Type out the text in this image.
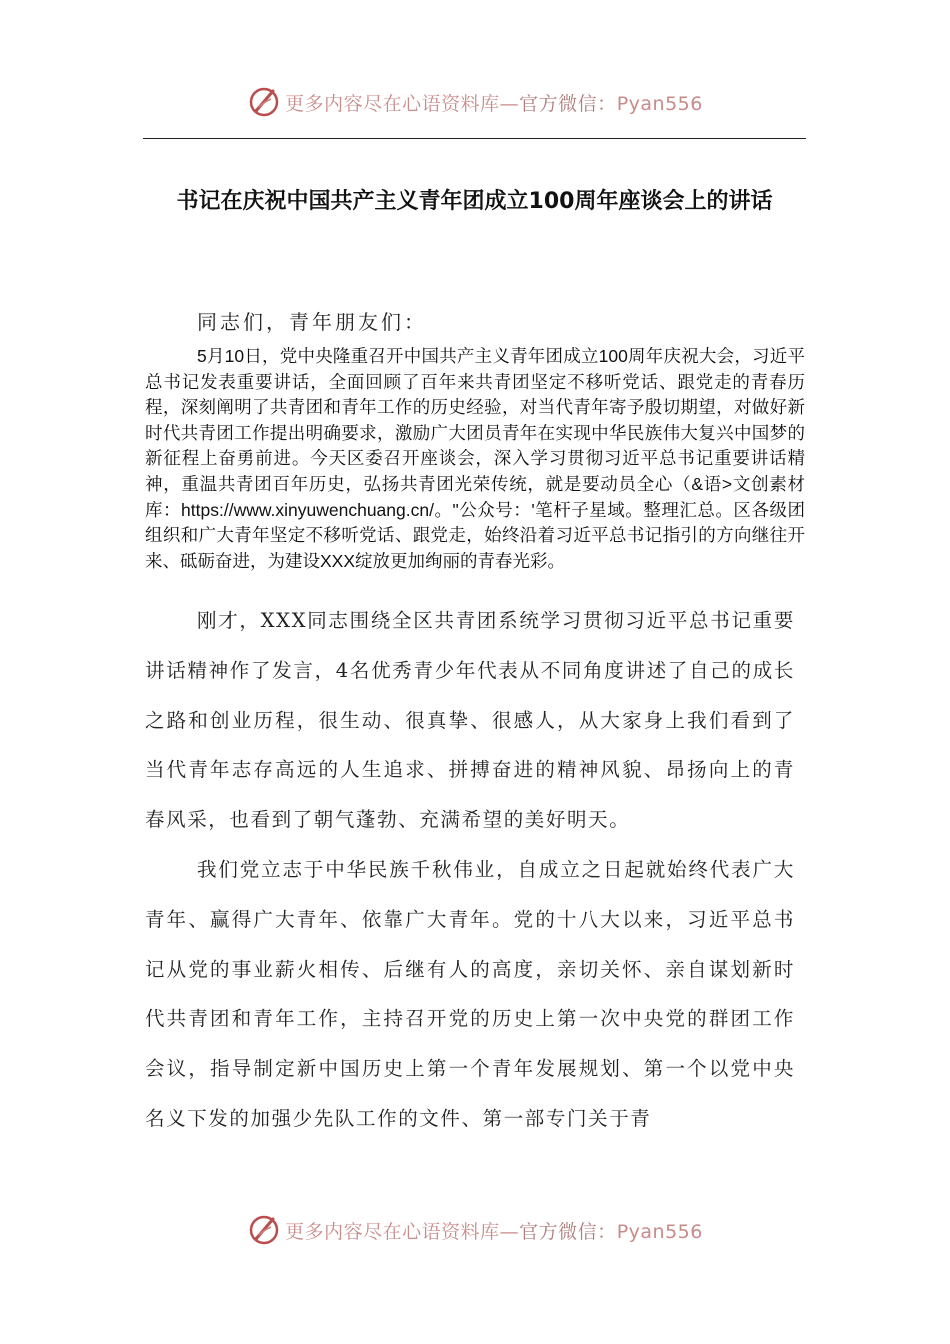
更多内容尽在心语资料库—官方微信：Pyan556
书记在庆祝中国共产主义青年团成立100周年座谈会上的讲话
同志们，青年朋友们：

5月10日，党中央隆重召开中国共产主义青年团成立100周年庆祝大会，习近平总书记发表重要讲话，全面回顾了百年来共青团坚定不移听党话、跟党走的青春历程，深刻阐明了共青团和青年工作的历史经验，对当代青年寄予殷切期望，对做好新时代共青团工作提出明确要求，激励广大团员青年在实现中华民族伟大复兴中国梦的新征程上奋勇前进。今天区委召开座谈会，深入学习贯彻习近平总书记重要讲话精神，重温共青团百年历史，弘扬共青团光荣传统，就是要动员全心（&语>文创素材库：https://www.xinyuwenchuang.cn/。"公众号：'笔杆子星域。整理汇总。区各级团组织和广大青年坚定不移听党话、跟党走，始终沿着习近平总书记指引的方向继往开来、砥砺奋进，为建设XXX绽放更加绚丽的青春光彩。

刚才，XXX同志围绕全区共青团系统学习贯彻习近平总书记重要讲话精神作了发言，4名优秀青少年代表从不同角度讲述了自己的成长之路和创业历程，很生动、很真挚、很感人，从大家身上我们看到了当代青年志存高远的人生追求、拼搏奋进的精神风貌、昂扬向上的青春风采，也看到了朝气蓬勃、充满希望的美好明天。

我们党立志于中华民族千秋伟业，自成立之日起就始终代表广大青年、赢得广大青年、依靠广大青年。党的十八大以来，习近平总书记从党的事业薪火相传、后继有人的高度，亲切关怀、亲自谋划新时代共青团和青年工作，主持召开党的历史上第一次中央党的群团工作会议，指导制定新中国历史上第一个青年发展规划、第一个以党中央名义下发的加强少先队工作的文件、第一部专门关于青

更多内容尽在心语资料库—官方微信：Pyan556
